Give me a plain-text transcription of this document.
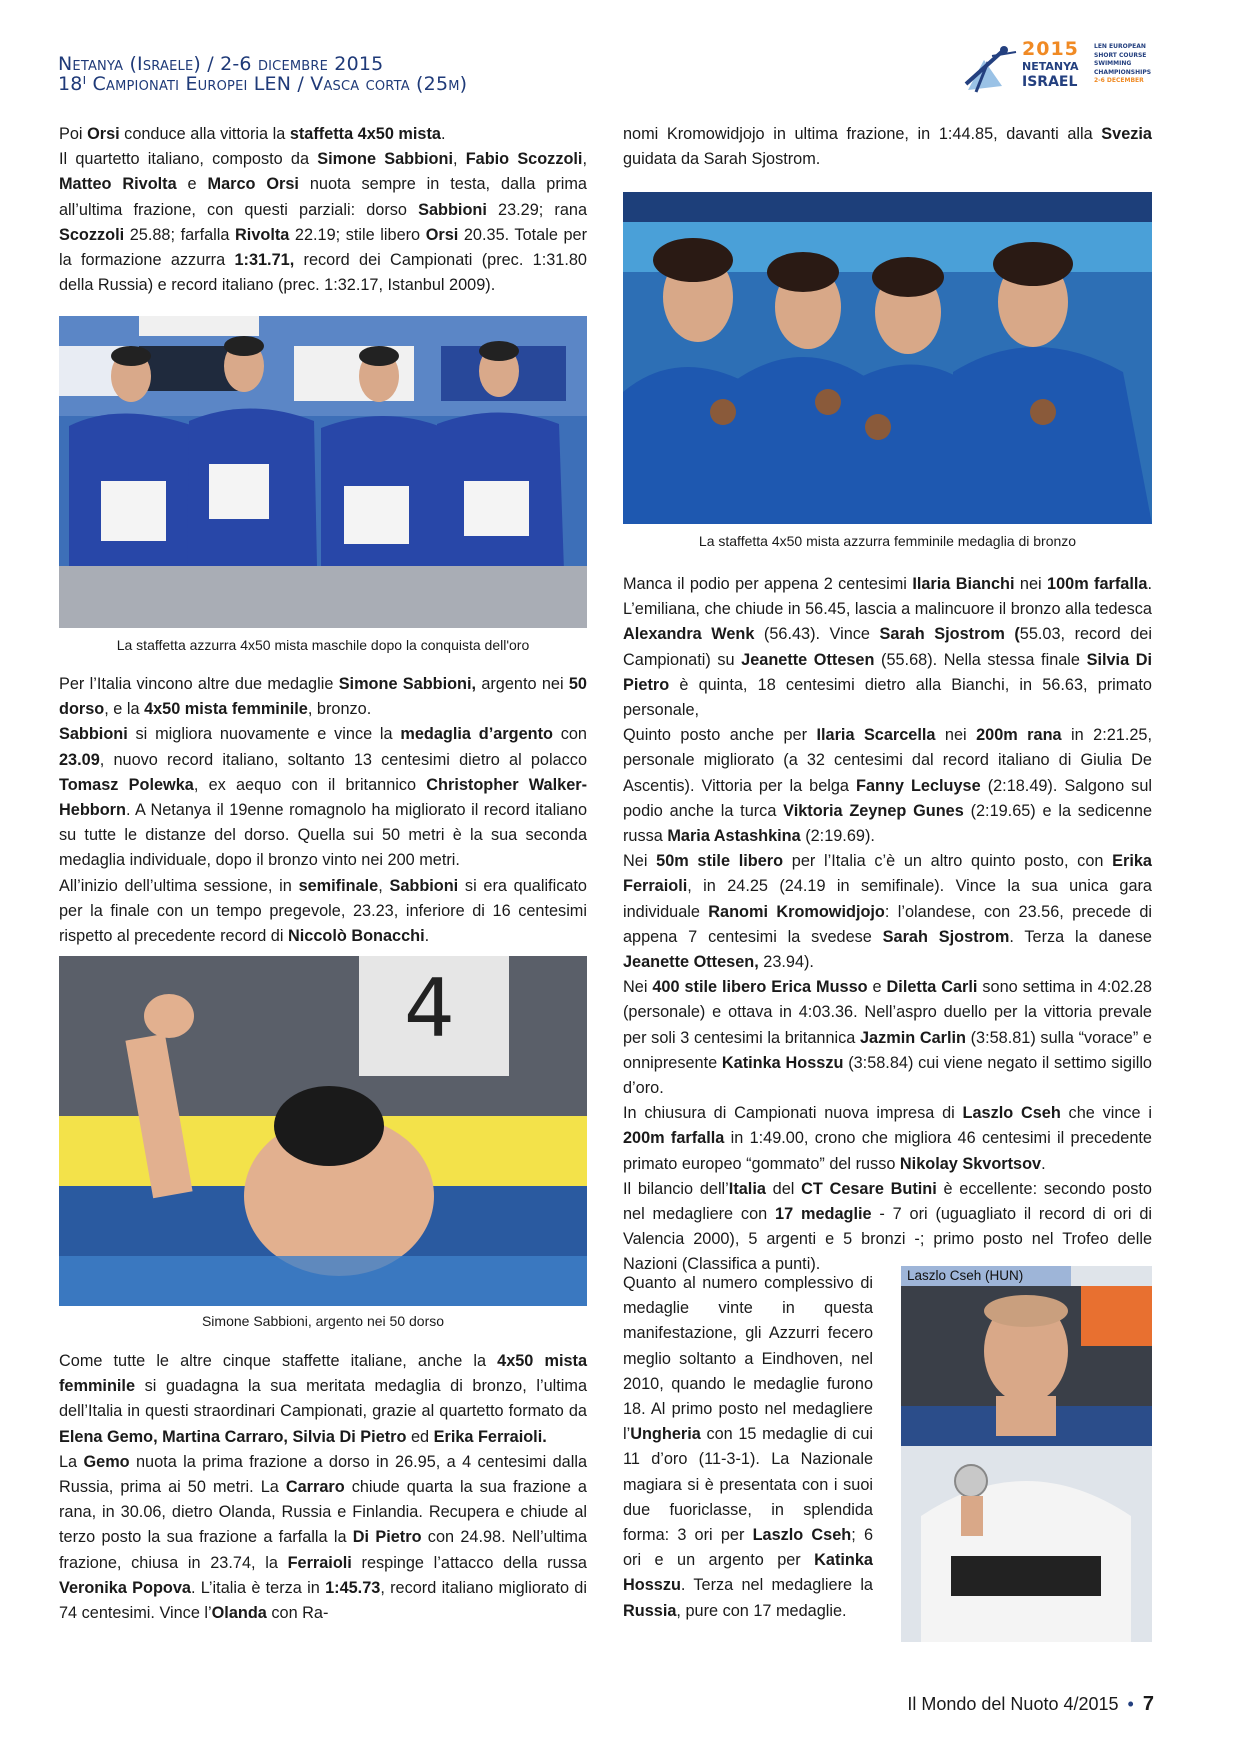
Netanya (Israele) / 2-6 dicembre 2015
18ᴵ Campionati Europei LEN / Vasca corta (25m)
2015
NETANYA
ISRAEL
LEN EUROPEAN
SHORT COURSE
SWIMMING
CHAMPIONSHIPS
2-6 DECEMBER

Poi Orsi conduce alla vittoria la staffetta 4x50 mista.

Il quartetto italiano, composto da Simone Sabbioni, Fabio Scozzoli, Matteo Rivolta e Marco Orsi nuota sempre in testa, dalla prima all’ultima frazione, con questi parziali: dorso Sabbioni 23.29; rana Scozzoli 25.88; farfalla Rivolta 22.19; stile libero Orsi 20.35. Totale per la formazione azzurra 1:31.71, record dei Campionati (prec. 1:31.80 della Russia) e record italiano (prec. 1:32.17, Istanbul 2009).

La staffetta azzurra 4x50 mista maschile dopo la conquista dell'oro

Per l’Italia vincono altre due medaglie Simone Sabbioni, argento nei 50 dorso, e la 4x50 mista femminile, bronzo.

Sabbioni si migliora nuovamente e vince la medaglia d’argento con 23.09, nuovo record italiano, soltanto 13 centesimi dietro al polacco Tomasz Polewka, ex aequo con il britannico Christopher Walker-Hebborn. A Netanya il 19enne romagnolo ha migliorato il record italiano su tutte le distanze del dorso. Quella sui 50 metri è la sua seconda medaglia individuale, dopo il bronzo vinto nei 200 metri.

All’inizio dell’ultima sessione, in semifinale, Sabbioni si era qualificato per la finale con un tempo pregevole, 23.23, inferiore di 16 centesimi rispetto al precedente record di Niccolò Bonacchi.

4
Simone Sabbioni, argento nei 50 dorso

Come tutte le altre cinque staffette italiane, anche la 4x50 mista femminile si guadagna la sua meritata medaglia di bronzo, l’ultima dell’Italia in questi straordinari Campionati, grazie al quartetto formato da Elena Gemo, Martina Carraro, Silvia Di Pietro ed Erika Ferraioli.

La Gemo nuota la prima frazione a dorso in 26.95, a 4 centesimi dalla Russia, prima ai 50 metri. La Carraro chiude quarta la sua frazione a rana, in 30.06, dietro Olanda, Russia e Finlandia. Recupera e chiude al terzo posto la sua frazione a farfalla la Di Pietro con 24.98. Nell’ultima frazione, chiusa in 23.74, la Ferraioli respinge l’attacco della russa Veronika Popova. L’italia è terza in 1:45.73, record italiano migliorato di 74 centesimi. Vince l’Olanda con Ra-

nomi Kromowidjojo in ultima frazione, in 1:44.85, davanti alla Svezia guidata da Sarah Sjostrom.

La staffetta 4x50 mista azzurra femminile medaglia di bronzo

Manca il podio per appena 2 centesimi Ilaria Bianchi nei 100m farfalla. L’emiliana, che chiude in 56.45, lascia a malincuore il bronzo alla tedesca Alexandra Wenk (56.43). Vince Sarah Sjostrom (55.03, record dei Campionati) su Jeanette Ottesen (55.68). Nella stessa finale Silvia Di Pietro è quinta, 18 centesimi dietro alla Bianchi, in 56.63, primato personale,

Quinto posto anche per Ilaria Scarcella nei 200m rana in 2:21.25, personale migliorato (a 32 centesimi dal record italiano di Giulia De Ascentis). Vittoria per la belga Fanny Lecluyse (2:18.49). Salgono sul podio anche la turca Viktoria Zeynep Gunes (2:19.65) e la sedicenne russa Maria Astashkina (2:19.69).

Nei 50m stile libero per l’Italia c’è un altro quinto posto, con Erika Ferraioli, in 24.25 (24.19 in semifinale). Vince la sua unica gara individuale Ranomi Kromowidjojo: l’olandese, con 23.56, precede di appena 7 centesimi la svedese Sarah Sjostrom. Terza la danese Jeanette Ottesen, 23.94).

Nei 400 stile libero Erica Musso e Diletta Carli sono settima in 4:02.28 (personale) e ottava in 4:03.36. Nell’aspro duello per la vittoria prevale per soli 3 centesimi la britannica Jazmin Carlin (3:58.81) sulla “vorace” e onnipresente Katinka Hosszu (3:58.84) cui viene negato il settimo sigillo d’oro.

In chiusura di Campionati nuova impresa di Laszlo Cseh che vince i 200m farfalla in 1:49.00, crono che migliora 46 centesimi il precedente primato europeo “gommato” del russo Nikolay Skvortsov.

Il bilancio dell’Italia del CT Cesare Butini è eccellente: secondo posto nel medagliere con 17 medaglie - 7 ori (uguagliato il record di ori di Valencia 2000), 5 argenti e 5 bronzi -; primo posto nel Trofeo delle Nazioni (Classifica a punti).

Quanto al numero complessivo di medaglie vinte in questa manifestazione, gli Azzurri fecero meglio soltanto a Eindhoven, nel 2010, quando le medaglie furono 18. Al primo posto nel medagliere l’Ungheria con 15 medaglie di cui 11 d’oro (11-3-1). La Nazionale magiara si è presentata con i suoi due fuoriclasse, in splendida forma: 3 ori per Laszlo Cseh; 6 ori e un argento per Katinka Hosszu. Terza nel medagliere la Russia, pure con 17 medaglie.

Laszlo Cseh (HUN)
Il Mondo del Nuoto 4/2015 • 7
